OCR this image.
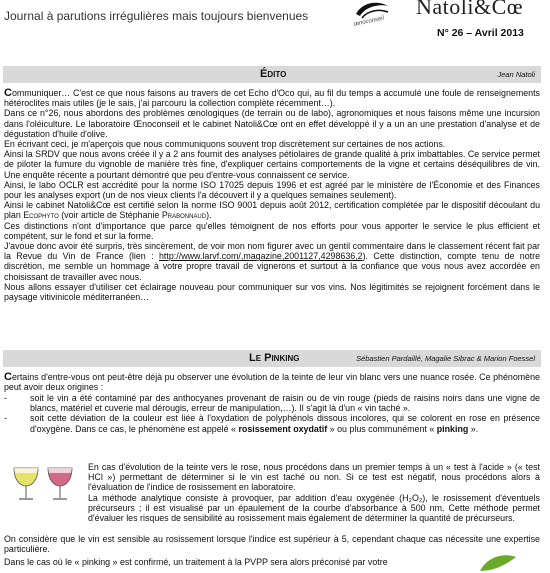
Journal à parutions irrégulières mais toujours bienvenues	œnoconseil
Natoli&Cœ
N° 26 – Avril 2013
Édito	Jean Natoli

Communiquer… C'est ce que nous faisons au travers de cet Echo d'Oco qui, au fil du temps a accumulé une foule de renseignements hétéroclites mais utiles (je le sais, j'ai parcouru la collection complète récemment…).

Dans ce n°26, nous abordons des problèmes œnologiques (de terrain ou de labo), agronomiques et nous faisons même une incursion dans l'oléiculture. Le laboratoire Œnoconseil et le cabinet Natoli&Cœ ont en effet développé il y a un an une prestation d'analyse et de dégustation d'huile d'olive.

En écrivant ceci, je m'aperçois que nous communiquons souvent trop discrètement sur certaines de nos actions.

Ainsi la SRDV que nous avons créée il y a 2 ans fournit des analyses pétiolaires de grande qualité à prix imbattables. Ce service permet de piloter la fumure du vignoble de manière très fine, d'expliquer certains comportements de la vigne et certains déséquilibres de vin. Une enquête récente a pourtant démontré que peu d'entre-vous connaissent ce service.

Ainsi, le labo OCLR est accrédité pour la norme ISO 17025 depuis 1996 et est agréé par le ministère de l'Économie et des Finances pour les analyses export (un de nos vieux clients l'a découvert il y a quelques semaines seulement).

Ainsi le cabinet Natoli&Cœ est certifié selon la norme ISO 9001 depuis août 2012, certification complétée par le dispositif découlant du plan Ecophyto (voir article de Stéphanie Prabonnaud).

Ces distinctions n'ont d'importance que parce qu'elles témoignent de nos efforts pour vous apporter le service le plus efficient et compétent, sur le fond et sur la forme.

J'avoue donc avoir été surpris, très sincèrement, de voir mon nom figurer avec un gentil commentaire dans le classement récent fait par la Revue du Vin de France (lien : http://www.larvf.com/,magazine,2001127,4298636,2). Cette distinction, compte tenu de notre discrétion, me semble un hommage à votre propre travail de vignerons et surtout à la confiance que vous nous avez accordée en choisissant de travailler avec nous.

Nous allons essayer d'utiliser cet éclairage nouveau pour communiquer sur vos vins. Nos légitimités se rejoignent forcément dans le paysage vitivinicole méditerranéen…

Le Pinking	Sébastien Pardaillé, Magalie Sibrac & Marion Foessel

Certains d'entre-vous ont peut-être déjà pu observer une évolution de la teinte de leur vin blanc vers une nuance rosée. Ce phénomène peut avoir deux origines :

-	soit le vin a été contaminé par des anthocyanes provenant de raisin ou de vin rouge (pieds de raisins noirs dans une vigne de blancs, matériel et cuverie mal dérougis, erreur de manipulation,…). Il s'agit là d'un « vin taché ».
-	soit cette déviation de la couleur est liée à l'oxydation de polyphénols dissous incolores, qui se colorent en rose en présence d'oxygène. Dans ce cas, le phénomène est appelé « rosissement oxydatif » ou plus communément « pinking ».

En cas d'évolution de la teinte vers le rose, nous procédons dans un premier temps à un « test à l'acide » (« test HCl ») permettant de déterminer si le vin est taché ou non. Si ce test est négatif, nous procédons alors à l'évaluation de l'indice de rosissement en laboratoire.

La méthode analytique consiste à provoquer, par addition d'eau oxygénée (H₂O₂), le rosissement d'éventuels précurseurs ; il est visualisé par un épaulement de la courbe d'absorbance à 500 nm. Cette méthode permet d'évaluer les risques de sensibilité au rosissement mais également de déterminer la quantité de précurseurs.

On considère que le vin est sensible au rosissement lorsque l'indice est supérieur à 5, cependant chaque cas nécessite une expertise particulière.

Dans le cas où le « pinking » est confirmé, un traitement à la PVPP sera alors préconisé par votre
